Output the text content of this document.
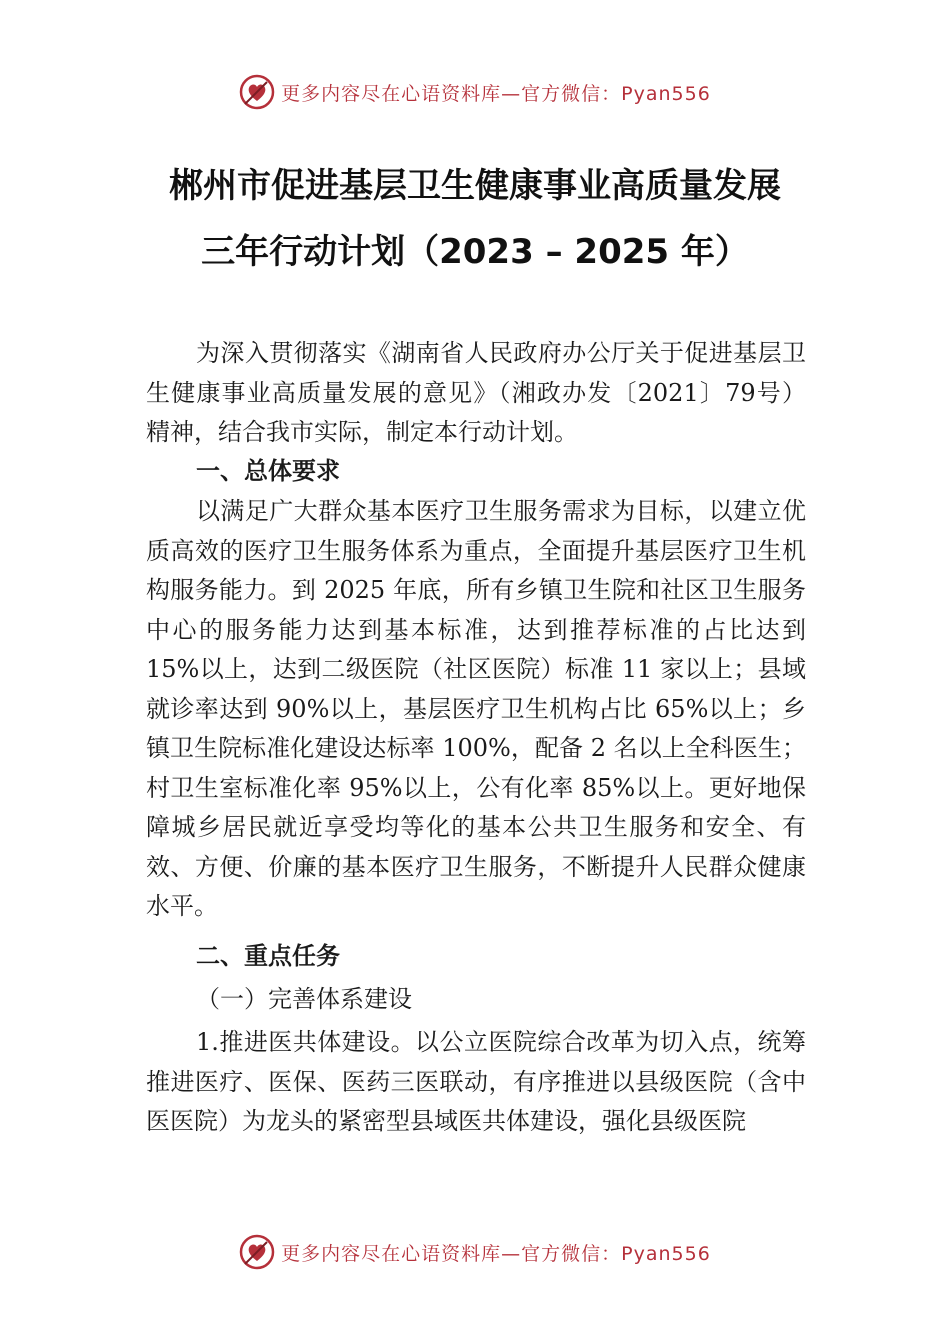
更多内容尽在心语资料库—官方微信：Pyan556
郴州市促进基层卫生健康事业高质量发展
三年行动计划（2023 – 2025 年）

为深入贯彻落实《湖南省人民政府办公厅关于促进基层卫生健康事业高质量发展的意见》（湘政办发〔2021〕79号） 精神，结合我市实际，制定本行动计划。

一、总体要求

以满足广大群众基本医疗卫生服务需求为目标，以建立优质高效的医疗卫生服务体系为重点，全面提升基层医疗卫生机构服务能力。到 2025 年底，所有乡镇卫生院和社区卫生服务中心的服务能力达到基本标准，达到推荐标准的占比达到 15%以上，达到二级医院（社区医院）标准 11 家以上；县域就诊率达到 90%以上，基层医疗卫生机构占比 65%以上；乡镇卫生院标准化建设达标率 100%，配备 2 名以上全科医生；村卫生室标准化率 95%以上，公有化率 85%以上。更好地保障城乡居民就近享受均等化的基本公共卫生服务和安全、有效、方便、价廉的基本医疗卫生服务，不断提升人民群众健康水平。

二、重点任务
（一）完善体系建设

1.推进医共体建设。以公立医院综合改革为切入点，统筹推进医疗、医保、医药三医联动，有序推进以县级医院（含中医医院）为龙头的紧密型县域医共体建设，强化县级医院

更多内容尽在心语资料库—官方微信：Pyan556
